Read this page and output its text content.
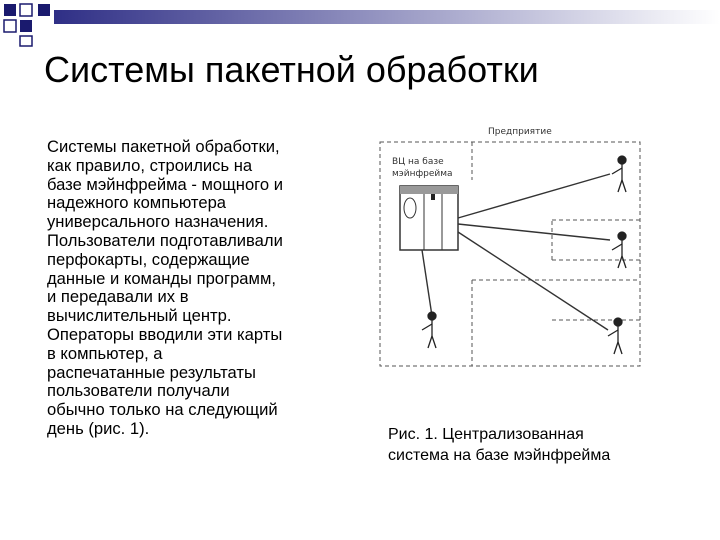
Системы пакетной обработки
Системы пакетной обработки,
как правило, строились на
базе мэйнфрейма - мощного и
надежного компьютера
универсального назначения.
Пользователи подготавливали
перфокарты, содержащие
данные и команды программ,
и передавали их в
вычислительный центр.
Операторы вводили эти карты
в компьютер, а
распечатанные результаты
пользователи получали
обычно только на следующий
день (рис. 1).
Предприятие
ВЦ на базе
мэйнфрейма
Рис. 1. Централизованная
система на базе мэйнфрейма
